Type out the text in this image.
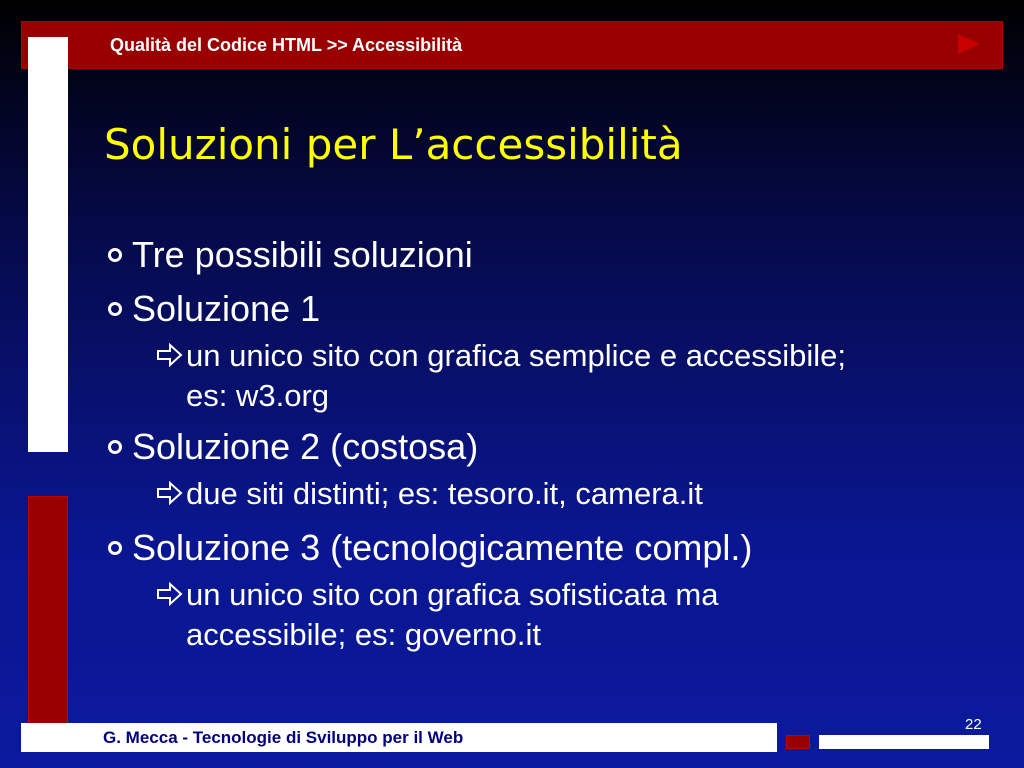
Qualità del Codice HTML >> Accessibilità
Soluzioni per L’accessibilità
Tre possibili soluzioni
Soluzione 1
un unico sito con grafica semplice e accessibile; es: w3.org
Soluzione 2 (costosa)
due siti distinti; es: tesoro.it, camera.it
Soluzione 3 (tecnologicamente compl.)
un unico sito con grafica sofisticata ma accessibile; es: governo.it
22
G. Mecca - Tecnologie di Sviluppo per il Web
